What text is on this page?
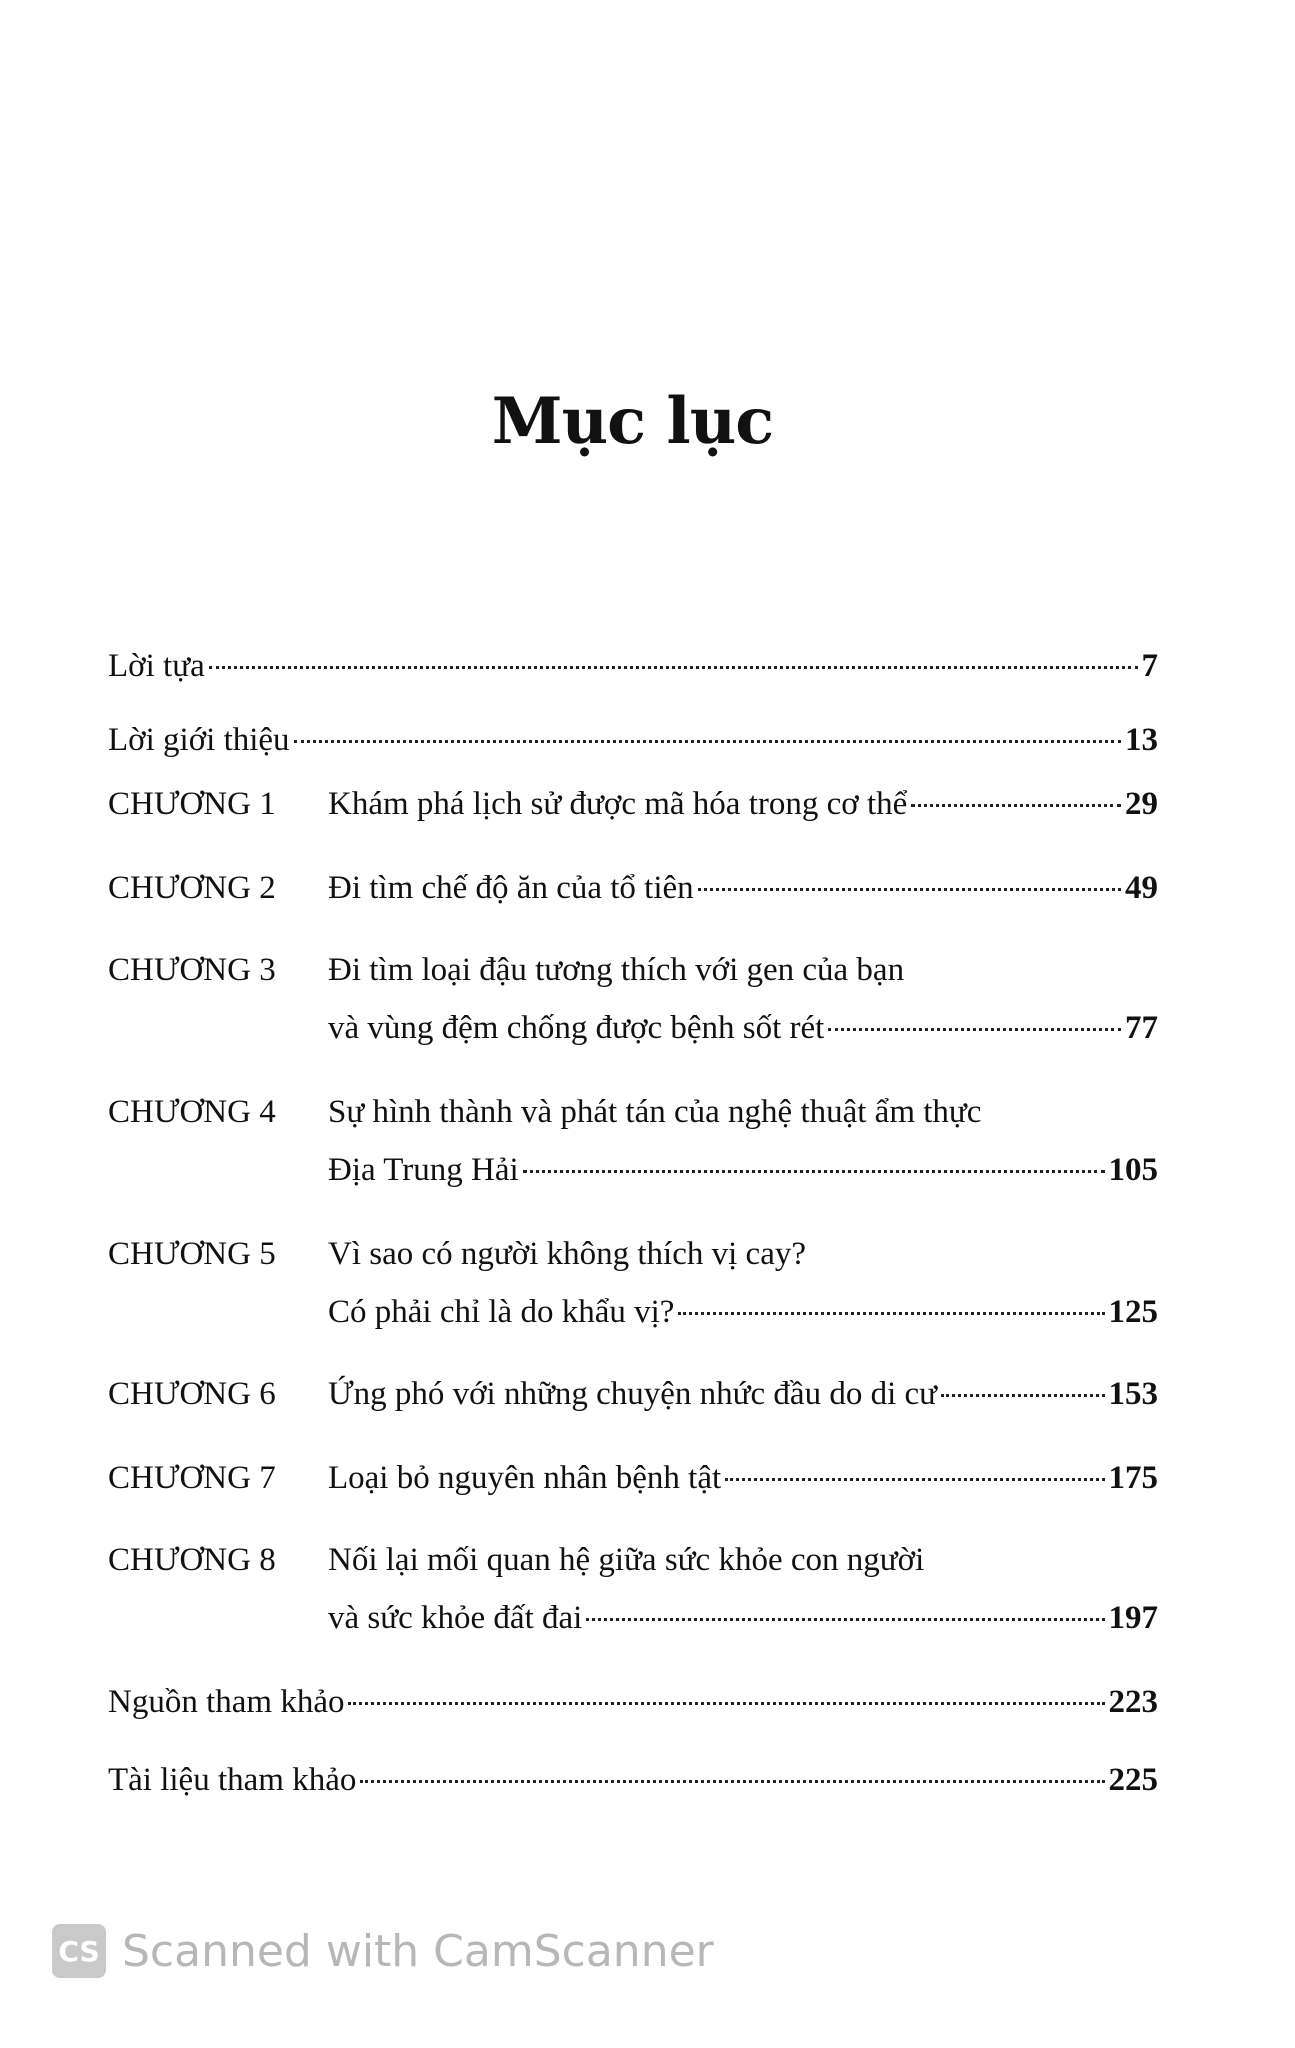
Mục lục
Lời tựa	7
Lời giới thiệu	13
CHƯƠNG 1	Khám phá lịch sử được mã hóa trong cơ thể	29
CHƯƠNG 2	Đi tìm chế độ ăn của tổ tiên	49
CHƯƠNG 3	Đi tìm loại đậu tương thích với gen của bạn
và vùng đệm chống được bệnh sốt rét	77
CHƯƠNG 4	Sự hình thành và phát tán của nghệ thuật ẩm thực
Địa Trung Hải	105
CHƯƠNG 5	Vì sao có người không thích vị cay?
Có phải chỉ là do khẩu vị?	125
CHƯƠNG 6	Ứng phó với những chuyện nhức đầu do di cư	153
CHƯƠNG 7	Loại bỏ nguyên nhân bệnh tật	175
CHƯƠNG 8	Nối lại mối quan hệ giữa sức khỏe con người
và sức khỏe đất đai	197
Nguồn tham khảo	223
Tài liệu tham khảo	225
CS Scanned with CamScanner
